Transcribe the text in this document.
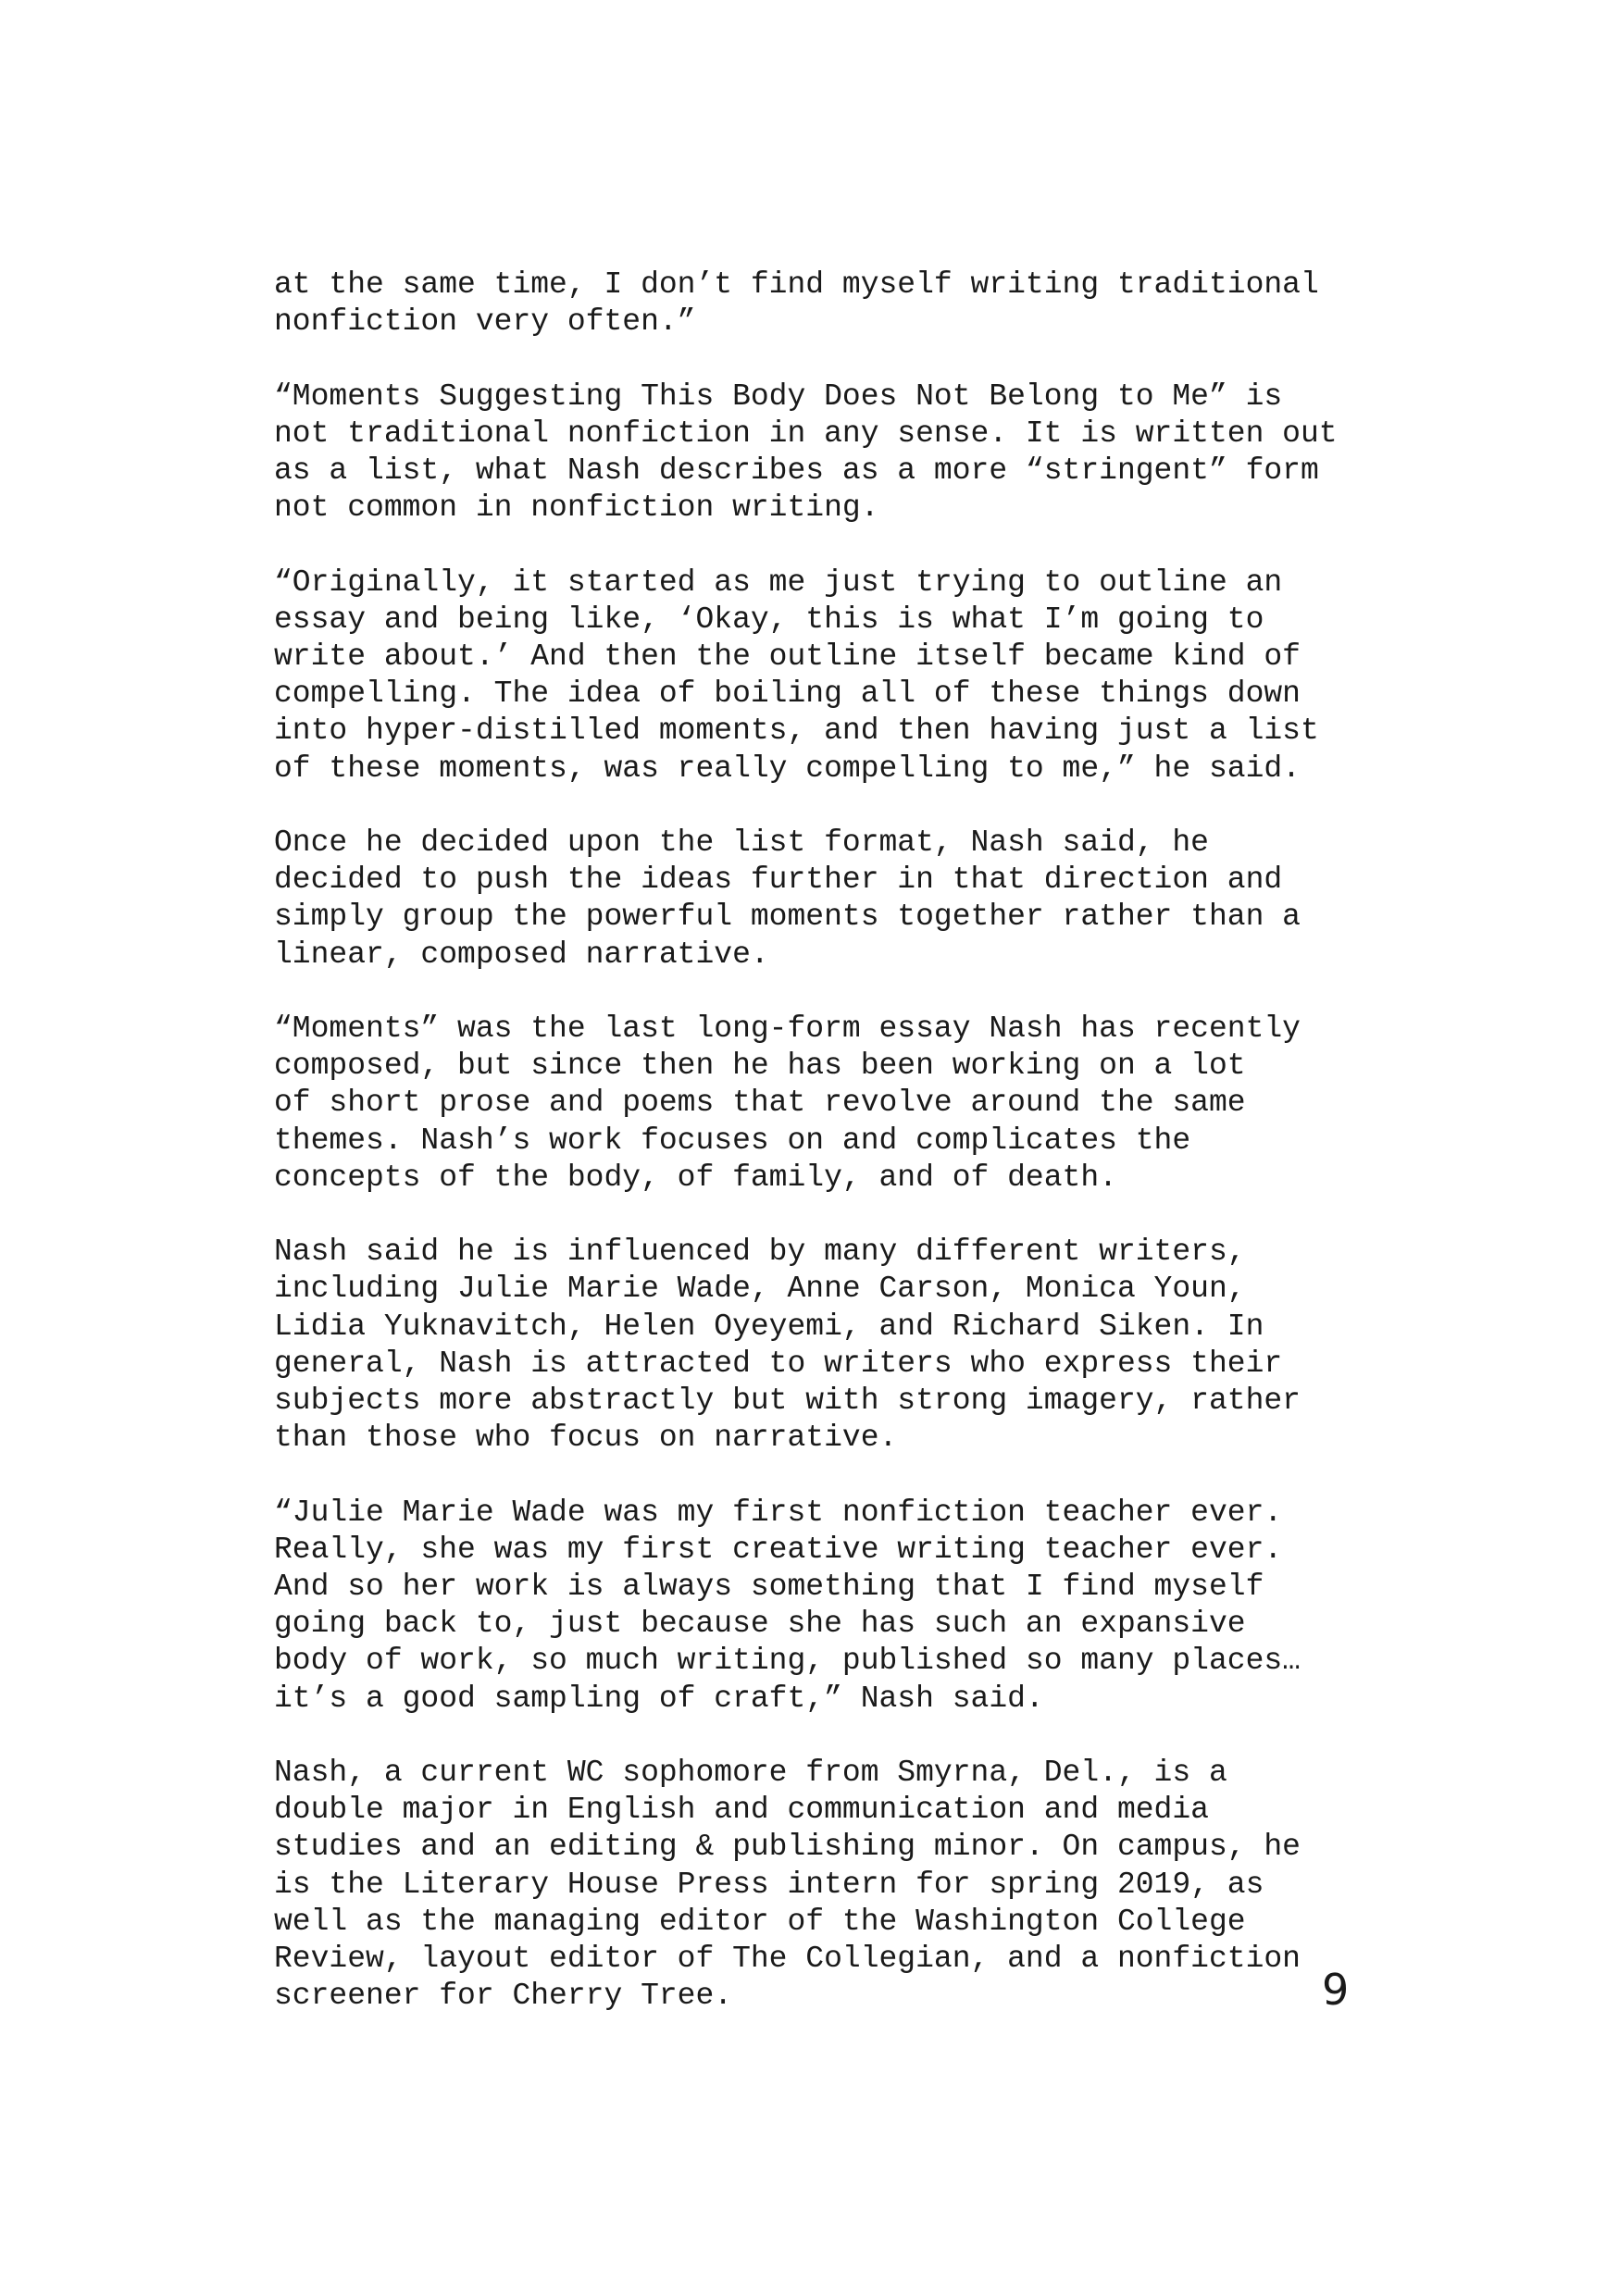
at the same time, I don’t find myself writing traditional
nonfiction very often.”

“Moments Suggesting This Body Does Not Belong to Me” is
not traditional nonfiction in any sense. It is written out
as a list, what Nash describes as a more “stringent” form
not common in nonfiction writing.

“Originally, it started as me just trying to outline an
essay and being like, ‘Okay, this is what I’m going to
write about.’ And then the outline itself became kind of
compelling. The idea of boiling all of these things down
into hyper-distilled moments, and then having just a list
of these moments, was really compelling to me,” he said.

Once he decided upon the list format, Nash said, he
decided to push the ideas further in that direction and
simply group the powerful moments together rather than a
linear, composed narrative.

“Moments” was the last long-form essay Nash has recently
composed, but since then he has been working on a lot
of short prose and poems that revolve around the same
themes. Nash’s work focuses on and complicates the
concepts of the body, of family, and of death.

Nash said he is influenced by many different writers,
including Julie Marie Wade, Anne Carson, Monica Youn,
Lidia Yuknavitch, Helen Oyeyemi, and Richard Siken. In
general, Nash is attracted to writers who express their
subjects more abstractly but with strong imagery, rather
than those who focus on narrative.

“Julie Marie Wade was my first nonfiction teacher ever.
Really, she was my first creative writing teacher ever.
And so her work is always something that I find myself
going back to, just because she has such an expansive
body of work, so much writing, published so many places…
it’s a good sampling of craft,” Nash said.

Nash, a current WC sophomore from Smyrna, Del., is a
double major in English and communication and media
studies and an editing & publishing minor. On campus, he
is the Literary House Press intern for spring 2019, as
well as the managing editor of the Washington College
Review, layout editor of The Collegian, and a nonfiction
screener for Cherry Tree.	9
